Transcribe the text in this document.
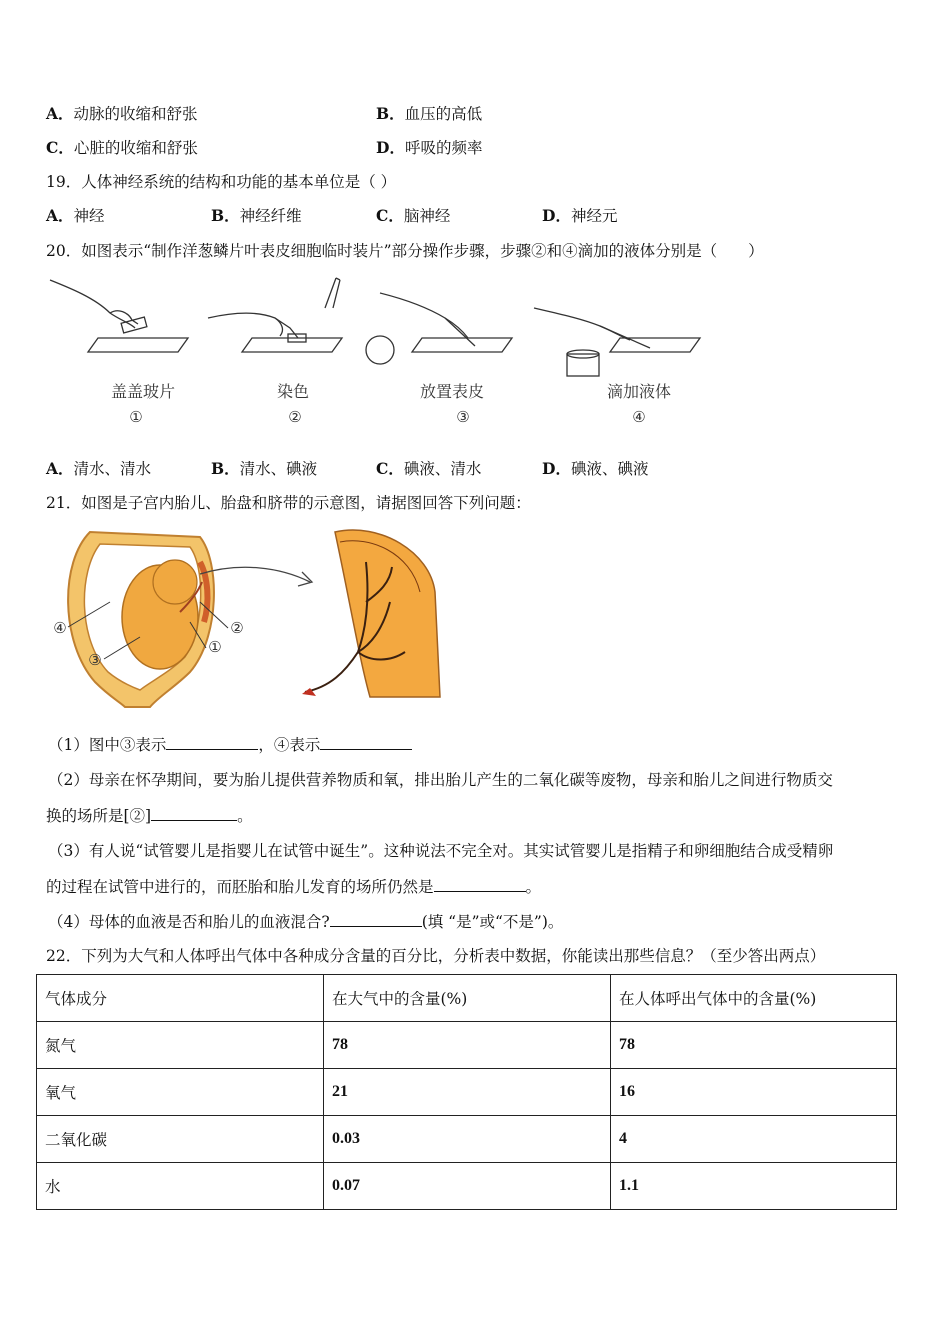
A． 动脉的收缩和舒张	B． 血压的高低
C． 心脏的收缩和舒张	D． 呼吸的频率
19．人体神经系统的结构和功能的基本单位是（ ）
A． 神经	B． 神经纤维	C． 脑神经	D． 神经元
20．如图表示“制作洋葱鳞片叶表皮细胞临时装片”部分操作步骤，步骤②和④滴加的液体分别是（　　）
盖盖玻片	染色	放置表皮	滴加液体
①	②	③	④
A． 清水、清水	B． 清水、碘液	C． 碘液、清水	D． 碘液、碘液
21．如图是子宫内胎儿、胎盘和脐带的示意图，请据图回答下列问题：
④
③
②
①
（1）图中③表示	，④表示
（2）母亲在怀孕期间，要为胎儿提供营养物质和氧，排出胎儿产生的二氧化碳等废物，母亲和胎儿之间进行物质交
换的场所是[②]	。
（3）有人说“试管婴儿是指婴儿在试管中诞生”。这种说法不完全对。其实试管婴儿是指精子和卵细胞结合成受精卵
的过程在试管中进行的，而胚胎和胎儿发育的场所仍然是	。
（4）母体的血液是否和胎儿的血液混合?	(填 “是”或“不是”)。
22．下列为大气和人体呼出气体中各种成分含量的百分比，分析表中数据，你能读出那些信息？（至少答出两点）
气体成分	在大气中的含量(%)	在人体呼出气体中的含量(%)
氮气	78	78
氧气	21	16
二氧化碳	0.03	4
水	0.07	1.1
